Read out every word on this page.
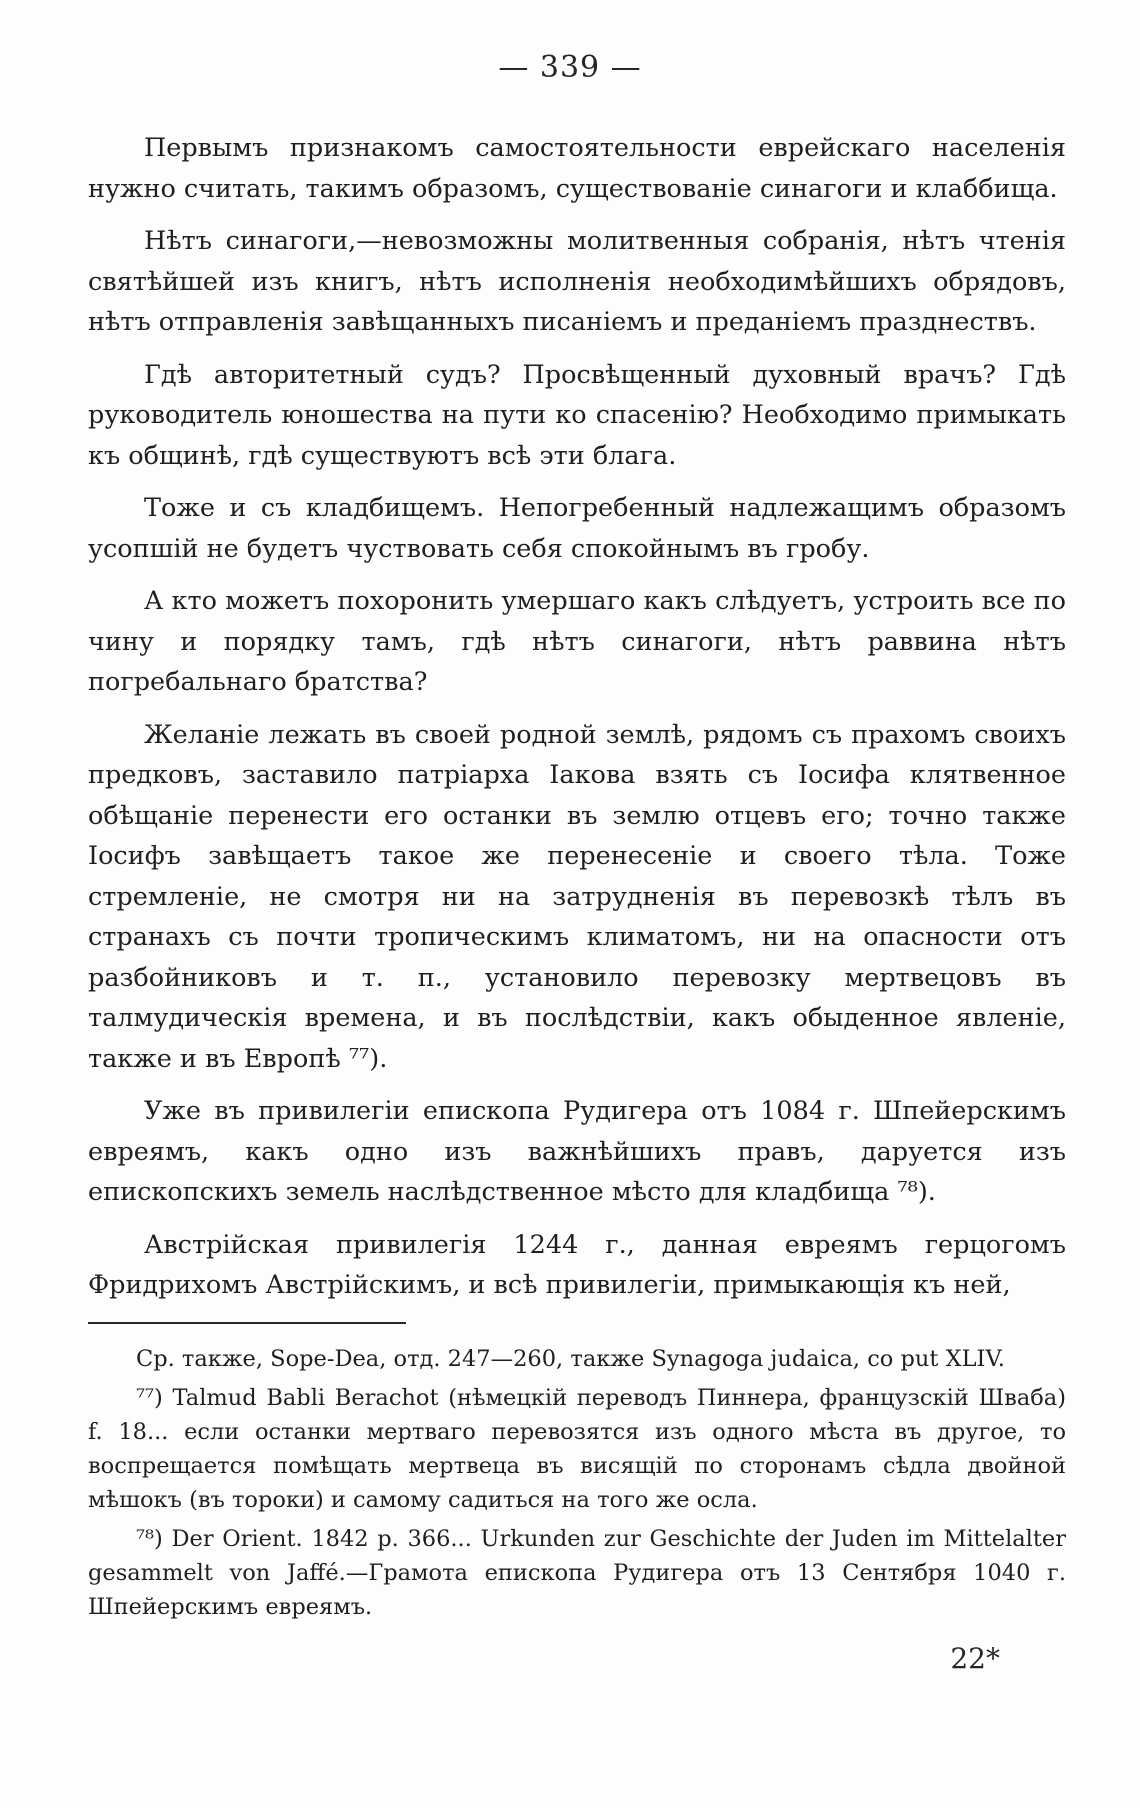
— 339 —

Первымъ признакомъ самостоятельности еврейскаго населенія нужно считать, такимъ образомъ, существованіе синагоги и клаббища.

Нѣтъ синагоги,—невозможны молитвенныя собранія, нѣтъ чтенія святѣйшей изъ книгъ, нѣтъ исполненія необходимѣйшихъ обрядовъ, нѣтъ отправленія завѣщанныхъ писаніемъ и преданіемъ празднествъ.

Гдѣ авторитетный судъ? Просвѣщенный духовный врачъ? Гдѣ руководитель юношества на пути ко спасенію? Необходимо примыкать къ общинѣ, гдѣ существуютъ всѣ эти блага.

Тоже и съ кладбищемъ. Непогребенный надлежащимъ образомъ усопшій не будетъ чуствовать себя спокойнымъ въ гробу.

А кто можетъ похоронить умершаго какъ слѣдуетъ, устроить все по чину и порядку тамъ, гдѣ нѣтъ синагоги, нѣтъ раввина нѣтъ погребальнаго братства?

Желаніе лежать въ своей родной землѣ, рядомъ съ прахомъ своихъ предковъ, заставило патріарха Іакова взять съ Іосифа клятвенное обѣщаніе перенести его останки въ землю отцевъ его; точно также Іосифъ завѣщаетъ такое же перенесеніе и своего тѣла. Тоже стремленіе, не смотря ни на затрудненія въ перевозкѣ тѣлъ въ странахъ съ почти тропическимъ климатомъ, ни на опасности отъ разбойниковъ и т. п., установило перевозку мертвецовъ въ талмудическія времена, и въ послѣдствіи, какъ обыденное явленіе, также и въ Европѣ ⁷⁷).

Уже въ привилегіи епископа Рудигера отъ 1084 г. Шпейерскимъ евреямъ, какъ одно изъ важнѣйшихъ правъ, даруется изъ епископскихъ земель наслѣдственное мѣсто для кладбища ⁷⁸).

Австрійская привилегія 1244 г., данная евреямъ герцогомъ Фридрихомъ Австрійскимъ, и всѣ привилегіи, примыкающія къ ней,

Ср. также, Sope-Dea, отд. 247—260, также Synagoga judaica, со put XLIV.

⁷⁷) Talmud Babli Berachot (нѣмецкій переводъ Пиннера, французскій Шваба) f. 18... если останки мертваго перевозятся изъ одного мѣста въ другое, то воспрещается помѣщать мертвеца въ висящій по сторонамъ сѣдла двойной мѣшокъ (въ тороки) и самому садиться на того же осла.

⁷⁸) Der Orient. 1842 p. 366... Urkunden zur Geschichte der Juden im Mittelalter gesammelt von Jaffé.—Грамота епископа Рудигера отъ 13 Сентября 1040 г. Шпейерскимъ евреямъ.

22*
